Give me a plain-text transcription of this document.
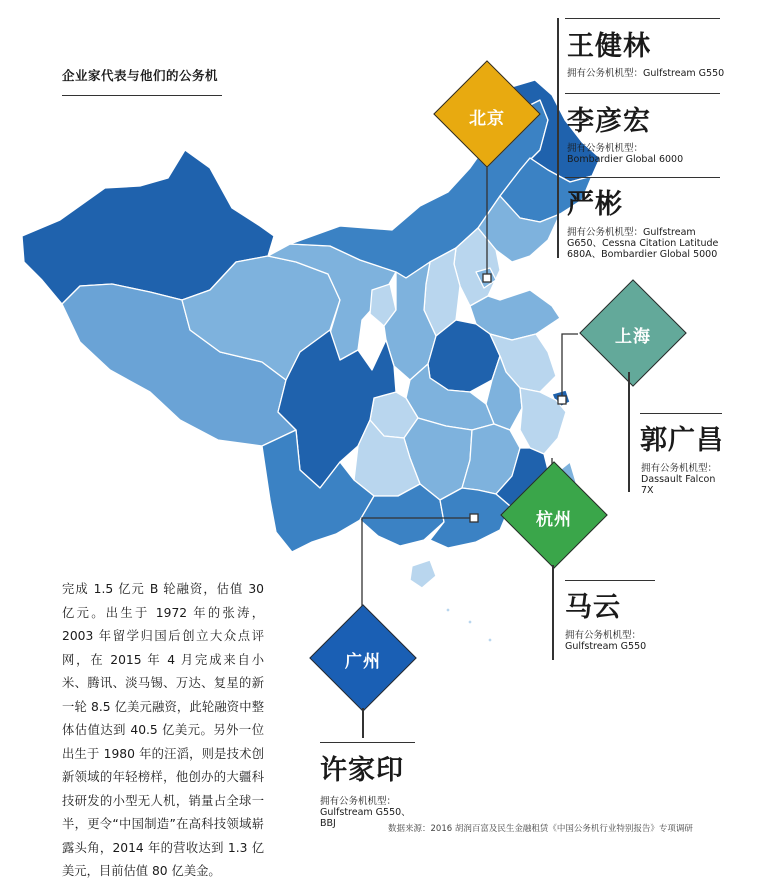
企业家代表与他们的公务机
北京
上海
杭州
广州
王健林
拥有公务机机型：Gulfstream G550
李彦宏
拥有公务机机型：
Bombardier Global 6000
严彬
拥有公务机机型：Gulfstream
G650、Cessna Citation Latitude
680A、Bombardier Global 5000
郭广昌
拥有公务机机型：
Dassault Falcon
7X
马云
拥有公务机机型：
Gulfstream G550
许家印
拥有公务机机型：
Gulfstream G550、
BBJ
完成 1.5 亿元 B 轮融资，估值 30 亿元。出生于 1972 年的张涛，2003 年留学归国后创立大众点评网，在 2015 年 4 月完成来自小米、腾讯、淡马锡、万达、复星的新一轮 8.5 亿美元融资，此轮融资中整体估值达到 40.5 亿美元。另外一位出生于 1980 年的汪滔，则是技术创新领域的年轻榜样，他创办的大疆科技研发的小型无人机，销量占全球一半，更令“中国制造”在高科技领域崭露头角，2014 年的营收达到 1.3 亿美元，目前估值 80 亿美金。
数据来源：2016 胡润百富及民生金融租赁《中国公务机行业特别报告》专项调研
